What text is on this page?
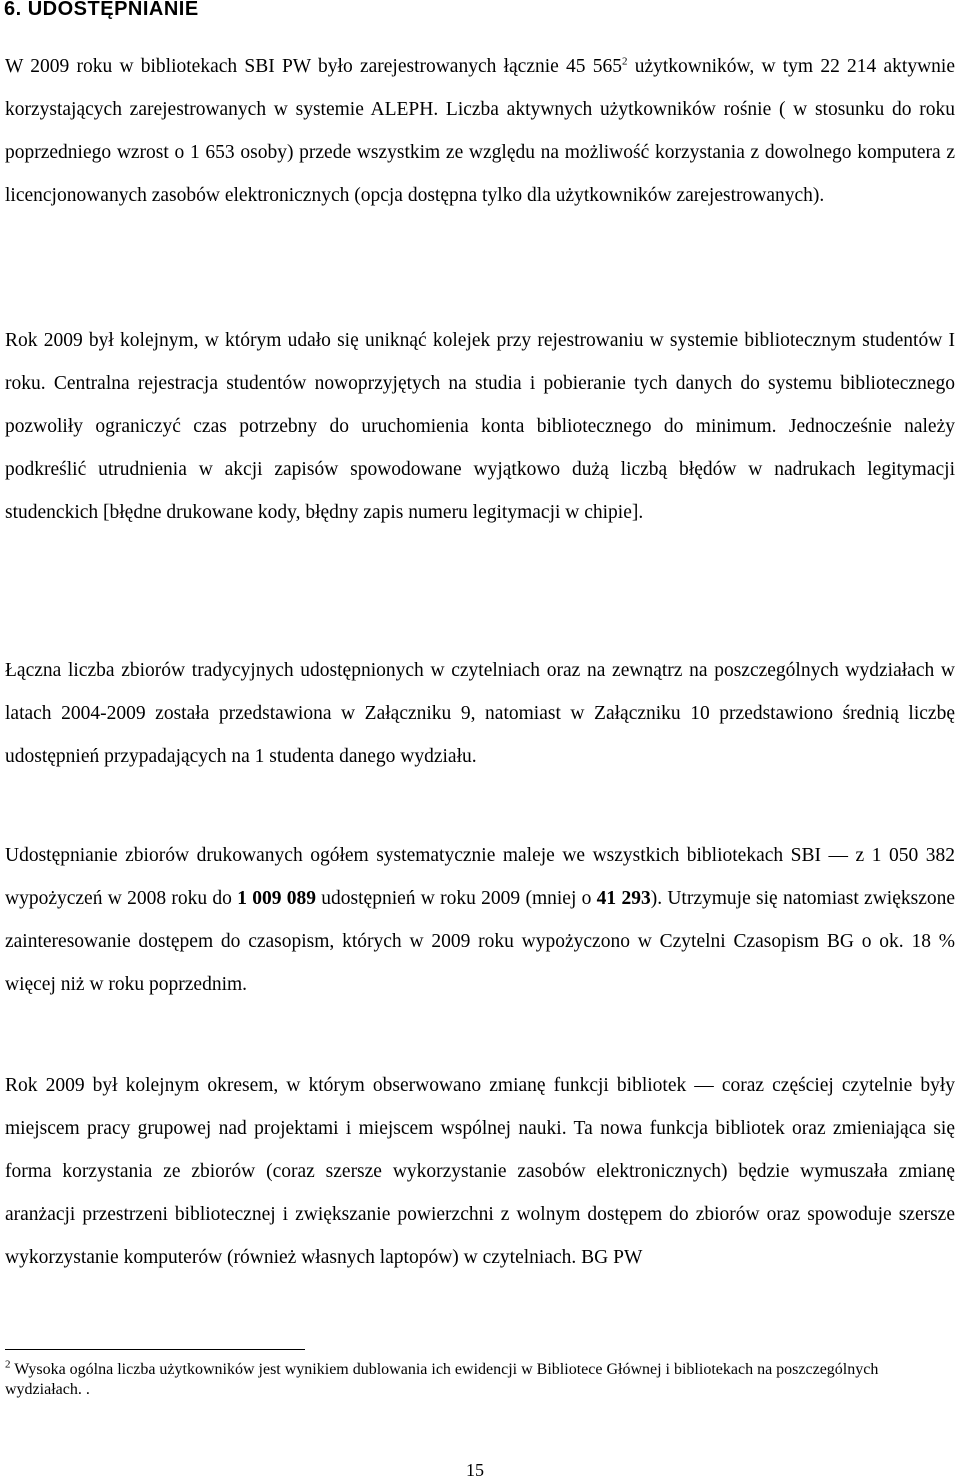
6. UDOSTĘPNIANIE

W 2009 roku w bibliotekach SBI PW było zarejestrowanych łącznie 45 $565^2$ użytkowników, w tym 22 214 aktywnie korzystających zarejestrowanych w systemie ALEPH. Liczba aktywnych użytkowników rośnie ( w stosunku do roku poprzedniego wzrost o 1 653 osoby) przede wszystkim ze względu na możliwość korzystania z dowolnego komputera z licencjonowanych zasobów elektronicznych (opcja dostępna tylko dla użytkowników zarejestrowanych).

Rok 2009 był kolejnym, w którym udało się uniknąć kolejek przy rejestrowaniu w systemie bibliotecznym studentów I roku. Centralna rejestracja studentów nowoprzyjętych na studia i pobieranie tych danych do systemu bibliotecznego pozwoliły ograniczyć czas potrzebny do uruchomienia konta bibliotecznego do minimum. Jednocześnie należy podkreślić utrudnienia w akcji zapisów spowodowane wyjątkowo dużą liczbą błędów w nadrukach legitymacji studenckich [błędne drukowane kody, błędny zapis numeru legitymacji w chipie].

Łączna liczba zbiorów tradycyjnych udostępnionych w czytelniach oraz na zewnątrz na poszczególnych wydziałach w latach 2004-2009 została przedstawiona w Załączniku 9, natomiast w Załączniku 10 przedstawiono średnią liczbę udostępnień przypadających na 1 studenta danego wydziału.

Udostępnianie zbiorów drukowanych ogółem systematycznie maleje we wszystkich bibliotekach SBI ― z 1 050 382 wypożyczeń w 2008 roku do 1 009 089 udostępnień w roku 2009 (mniej o 41 293). Utrzymuje się natomiast zwiększone zainteresowanie dostępem do czasopism, których w 2009 roku wypożyczono w Czytelni Czasopism BG o ok. 18 % więcej niż w roku poprzednim.

Rok 2009 był kolejnym okresem, w którym obserwowano zmianę funkcji bibliotek ― coraz częściej czytelnie były miejscem pracy grupowej nad projektami i miejscem wspólnej nauki. Ta nowa funkcja bibliotek oraz zmieniająca się forma korzystania ze zbiorów (coraz szersze wykorzystanie zasobów elektronicznych) będzie wymuszała zmianę aranżacji przestrzeni bibliotecznej i zwiększanie powierzchni z wolnym dostępem do zbiorów oraz spowoduje szersze wykorzystanie komputerów (również własnych laptopów) w czytelniach. BG PW

$^2$ Wysoka ogólna liczba użytkowników jest wynikiem dublowania ich ewidencji w Bibliotece Głównej i bibliotekach na poszczególnych wydziałach. .

15
